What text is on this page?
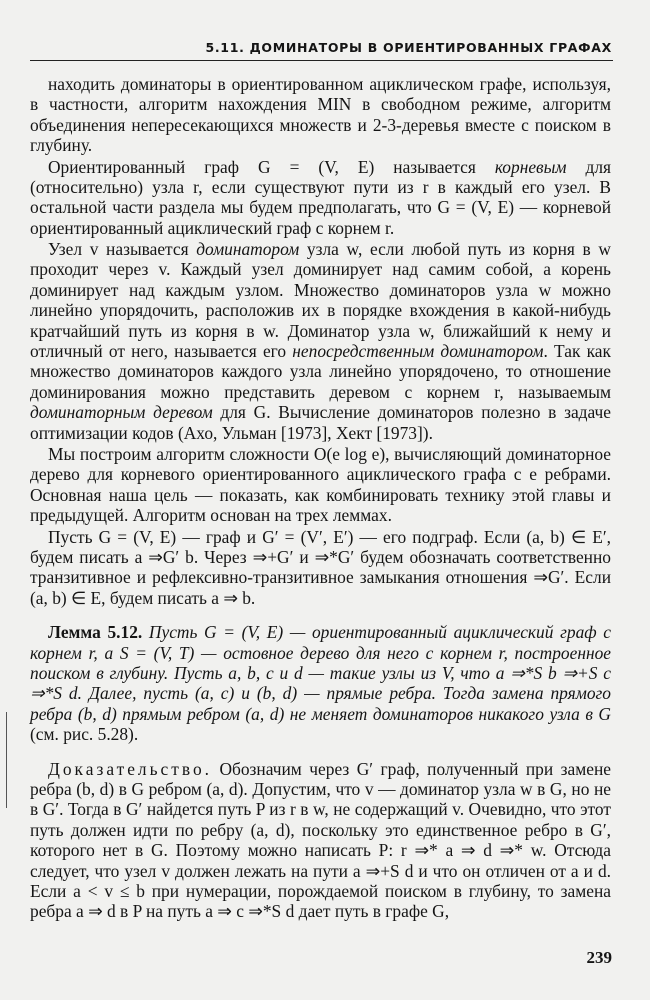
5.11. ДОМИНАТОРЫ В ОРИЕНТИРОВАННЫХ ГРАФАХ

находить доминаторы в ориентированном ациклическом графе, используя, в частности, алгоритм нахождения MIN в свободном режиме, алгоритм объединения непересекающихся множеств и 2-3-деревья вместе с поиском в глубину.

Ориентированный граф G = (V, E) называется корневым для (относительно) узла r, если существуют пути из r в каждый его узел. В остальной части раздела мы будем предполагать, что G = (V, E) — корневой ориентированный ациклический граф с корнем r.

Узел v называется доминатором узла w, если любой путь из корня в w проходит через v. Каждый узел доминирует над самим собой, а корень доминирует над каждым узлом. Множество доминаторов узла w можно линейно упорядочить, расположив их в порядке вхождения в какой-нибудь кратчайший путь из корня в w. Доминатор узла w, ближайший к нему и отличный от него, называется его непосредственным доминатором. Так как множество доминаторов каждого узла линейно упорядочено, то отношение доминирования можно представить деревом с корнем r, называемым доминаторным деревом для G. Вычисление доминаторов полезно в задаче оптимизации кодов (Ахо, Ульман [1973], Хект [1973]).

Мы построим алгоритм сложности O(e log e), вычисляющий доминаторное дерево для корневого ориентированного ациклического графа с e ребрами. Основная наша цель — показать, как комбинировать технику этой главы и предыдущей. Алгоритм основан на трех леммах.

Пусть G = (V, E) — граф и G′ = (V′, E′) — его подграф. Если (a, b) ∈ E′, будем писать a ⇒G′ b. Через ⇒+G′ и ⇒*G′ будем обозначать соответственно транзитивное и рефлексивно-транзитивное замыкания отношения ⇒G′. Если (a, b) ∈ E, будем писать a ⇒ b.

Лемма 5.12. Пусть G = (V, E) — ориентированный ациклический граф с корнем r, а S = (V, T) — остовное дерево для него с корнем r, построенное поиском в глубину. Пусть a, b, c и d — такие узлы из V, что a ⇒*S b ⇒+S c ⇒*S d. Далее, пусть (a, c) и (b, d) — прямые ребра. Тогда замена прямого ребра (b, d) прямым ребром (a, d) не меняет доминаторов никакого узла в G (см. рис. 5.28).

Доказательство. Обозначим через G′ граф, полученный при замене ребра (b, d) в G ребром (a, d). Допустим, что v — доминатор узла w в G, но не в G′. Тогда в G′ найдется путь P из r в w, не содержащий v. Очевидно, что этот путь должен идти по ребру (a, d), поскольку это единственное ребро в G′, которого нет в G. Поэтому можно написать P: r ⇒* a ⇒ d ⇒* w. Отсюда следует, что узел v должен лежать на пути a ⇒+S d и что он отличен от a и d. Если a < v ≤ b при нумерации, порождаемой поиском в глубину, то замена ребра a ⇒ d в P на путь a ⇒ c ⇒*S d дает путь в графе G,

239
